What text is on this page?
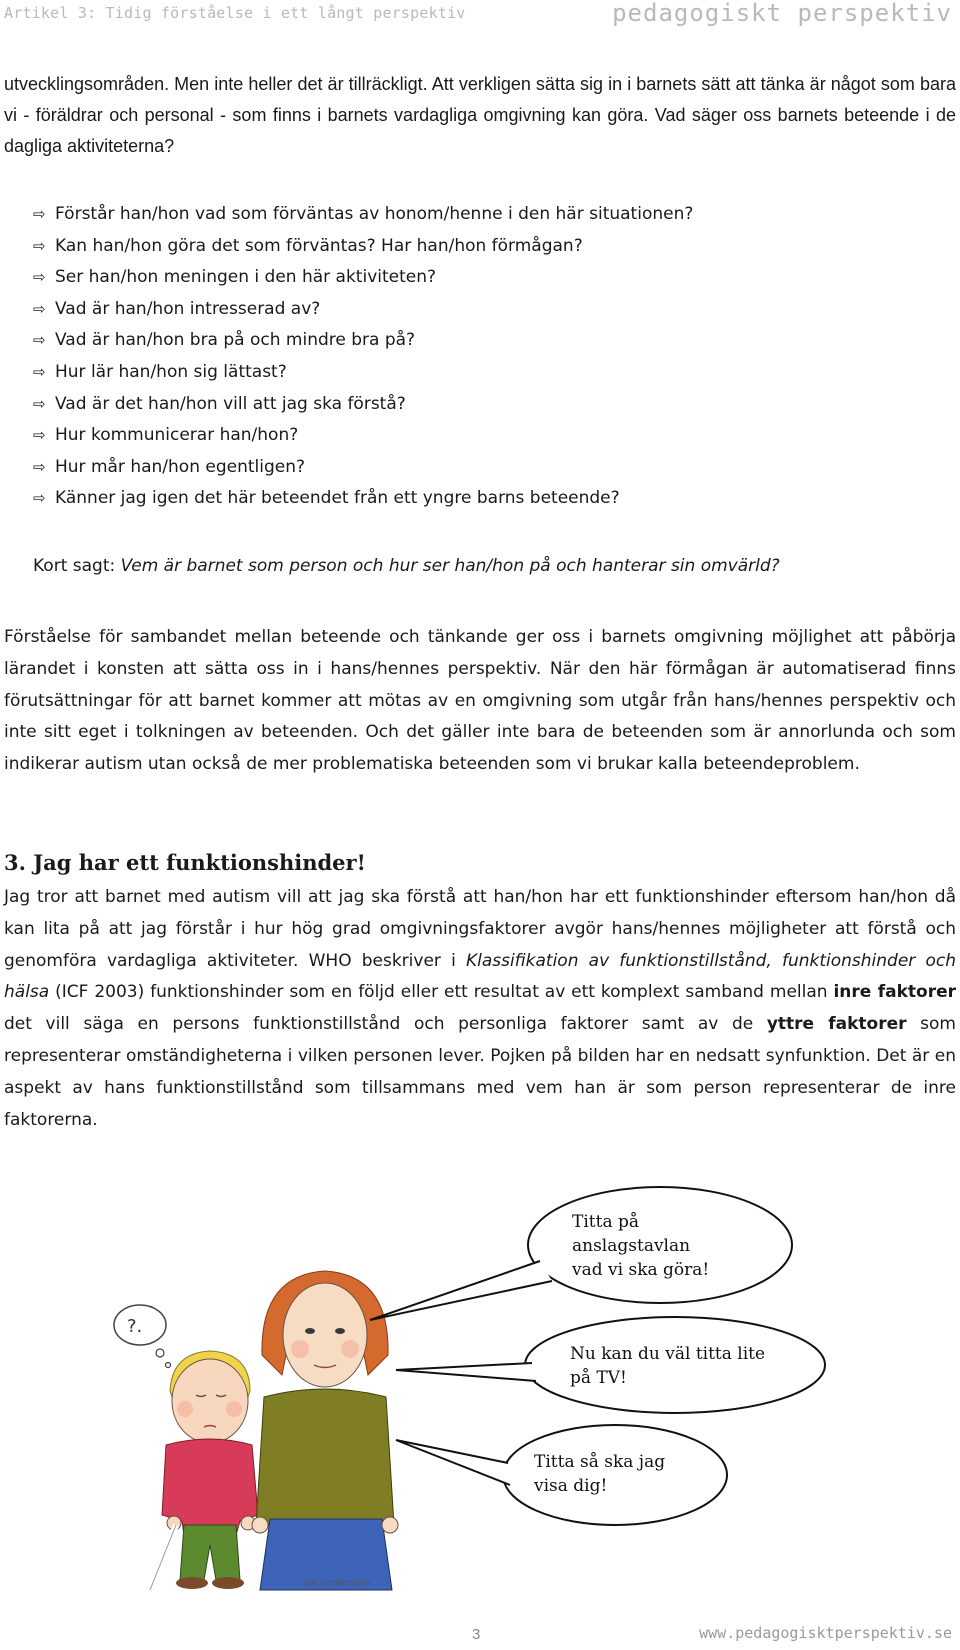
Artikel 3: Tidig förståelse i ett långt perspektiv	pedagogiskt perspektiv

utvecklingsområden. Men inte heller det är tillräckligt. Att verkligen sätta sig in i barnets sätt att tänka är något som bara vi - föräldrar och personal - som finns i barnets vardagliga omgivning kan göra. Vad säger oss barnets beteende i de dagliga aktiviteterna?

⇨ Förstår han/hon vad som förväntas av honom/henne i den här situationen?
⇨ Kan han/hon göra det som förväntas? Har han/hon förmågan?
⇨ Ser han/hon meningen i den här aktiviteten?
⇨ Vad är han/hon intresserad av?
⇨ Vad är han/hon bra på och mindre bra på?
⇨ Hur lär han/hon sig lättast?
⇨ Vad är det han/hon vill att jag ska förstå?
⇨ Hur kommunicerar han/hon?
⇨ Hur mår han/hon egentligen?
⇨ Känner jag igen det här beteendet från ett yngre barns beteende?
Kort sagt: Vem är barnet som person och hur ser han/hon på och hanterar sin omvärld?

Förståelse för sambandet mellan beteende och tänkande ger oss i barnets omgivning möjlighet att påbörja lärandet i konsten att sätta oss in i hans/hennes perspektiv. När den här förmågan är automatiserad finns förutsättningar för att barnet kommer att mötas av en omgivning som utgår från hans/hennes perspektiv och inte sitt eget i tolkningen av beteenden. Och det gäller inte bara de beteenden som är annorlunda och som indikerar autism utan också de mer problematiska beteenden som vi brukar kalla beteendeproblem.

3. Jag har ett funktionshinder!

Jag tror att barnet med autism vill att jag ska förstå att han/hon har ett funktionshinder eftersom han/hon då kan lita på att jag förstår i hur hög grad omgivningsfaktorer avgör hans/hennes möjligheter att förstå och genomföra vardagliga aktiviteter. WHO beskriver i Klassifikation av funktionstillstånd, funktionshinder och hälsa (ICF 2003) funktionshinder som en följd eller ett resultat av ett komplext samband mellan inre faktorer det vill säga en persons funktionstillstånd och personliga faktorer samt av de yttre faktorer som representerar omständigheterna i vilken personen lever. Pojken på bilden har en nedsatt synfunktion. Det är en aspekt av hans funktionstillstånd som tillsammans med vem han är som person representerar de inre faktorerna.

?.
Titta på
anslagstavlan
vad vi ska göra!
Nu kan du väl titta lite
på TV!
Titta så ska jag
visa dig!
LENA FÖRSBERG/03
3	www.pedagogisktperspektiv.se
